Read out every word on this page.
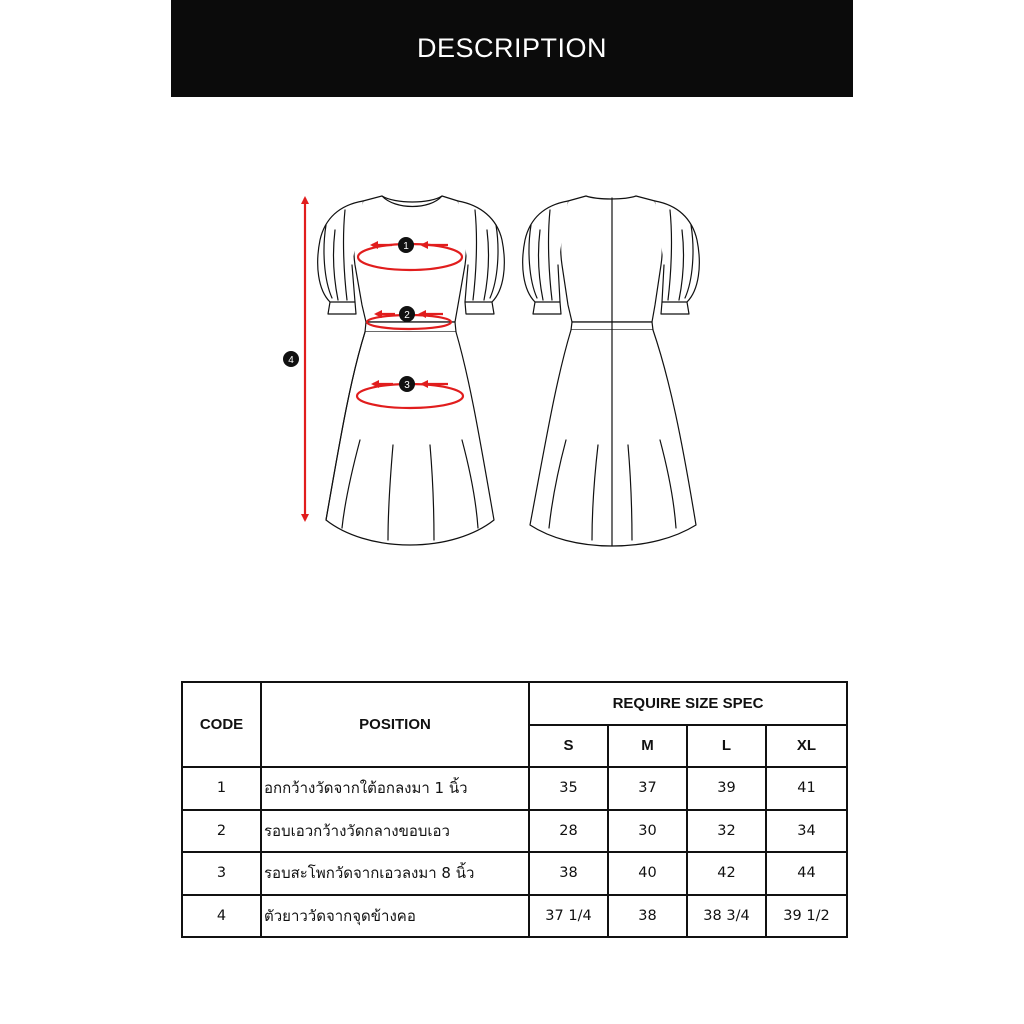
DESCRIPTION
1
2
3
4
CODE	POSITION	REQUIRE SIZE SPEC			
		S	M	L	XL
1	อกกว้างวัดจากใต้อกลงมา 1 นิ้ว	35	37	39	41
2	รอบเอวกว้างวัดกลางขอบเอว	28	30	32	34
3	รอบสะโพกวัดจากเอวลงมา 8 นิ้ว	38	40	42	44
4	ตัวยาววัดจากจุดข้างคอ	37 1/4	38	38 3/4	39 1/2
